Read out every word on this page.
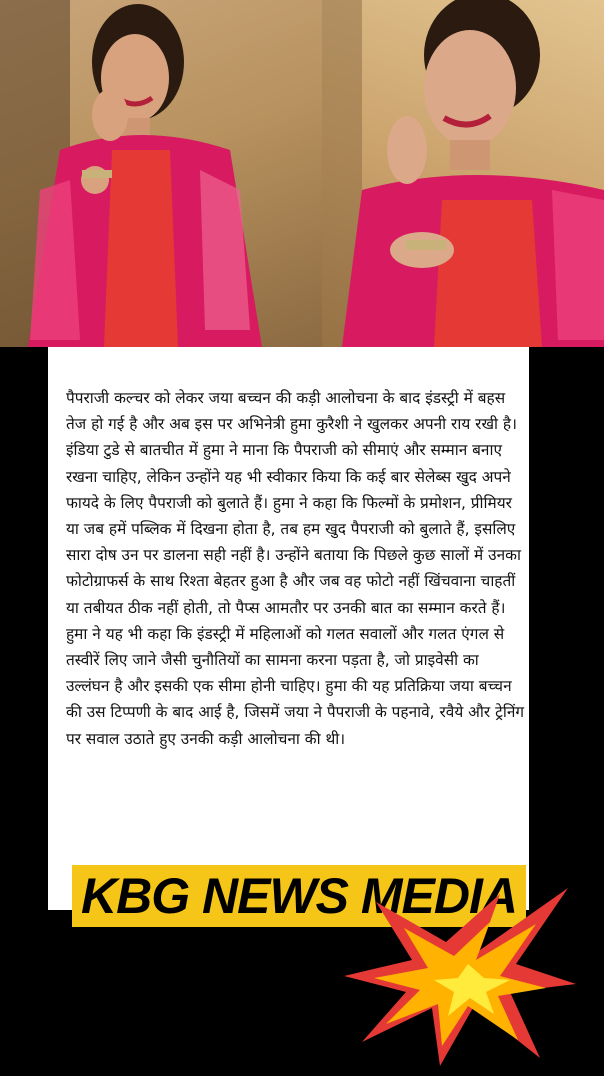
पैपराजी कल्चर को लेकर जया बच्चन की कड़ी आलोचना के बाद इंडस्ट्री में बहस तेज हो गई है और अब इस पर अभिनेत्री हुमा कुरैशी ने खुलकर अपनी राय रखी है। इंडिया टुडे से बातचीत में हुमा ने माना कि पैपराजी को सीमाएं और सम्मान बनाए रखना चाहिए, लेकिन उन्होंने यह भी स्वीकार किया कि कई बार सेलेब्स खुद अपने फायदे के लिए पैपराजी को बुलाते हैं। हुमा ने कहा कि फिल्मों के प्रमोशन, प्रीमियर या जब हमें पब्लिक में दिखना होता है, तब हम खुद पैपराजी को बुलाते हैं, इसलिए सारा दोष उन पर डालना सही नहीं है। उन्होंने बताया कि पिछले कुछ सालों में उनका फोटोग्राफर्स के साथ रिश्ता बेहतर हुआ है और जब वह फोटो नहीं खिंचवाना चाहतीं या तबीयत ठीक नहीं होती, तो पैप्स आमतौर पर उनकी बात का सम्मान करते हैं। हुमा ने यह भी कहा कि इंडस्ट्री में महिलाओं को गलत सवालों और गलत एंगल से तस्वीरें लिए जाने जैसी चुनौतियों का सामना करना पड़ता है, जो प्राइवेसी का उल्लंघन है और इसकी एक सीमा होनी चाहिए। हुमा की यह प्रतिक्रिया जया बच्चन की उस टिप्पणी के बाद आई है, जिसमें जया ने पैपराजी के पहनावे, रवैये और ट्रेनिंग पर सवाल उठाते हुए उनकी कड़ी आलोचना की थी।

KBG NEWS MEDIA
